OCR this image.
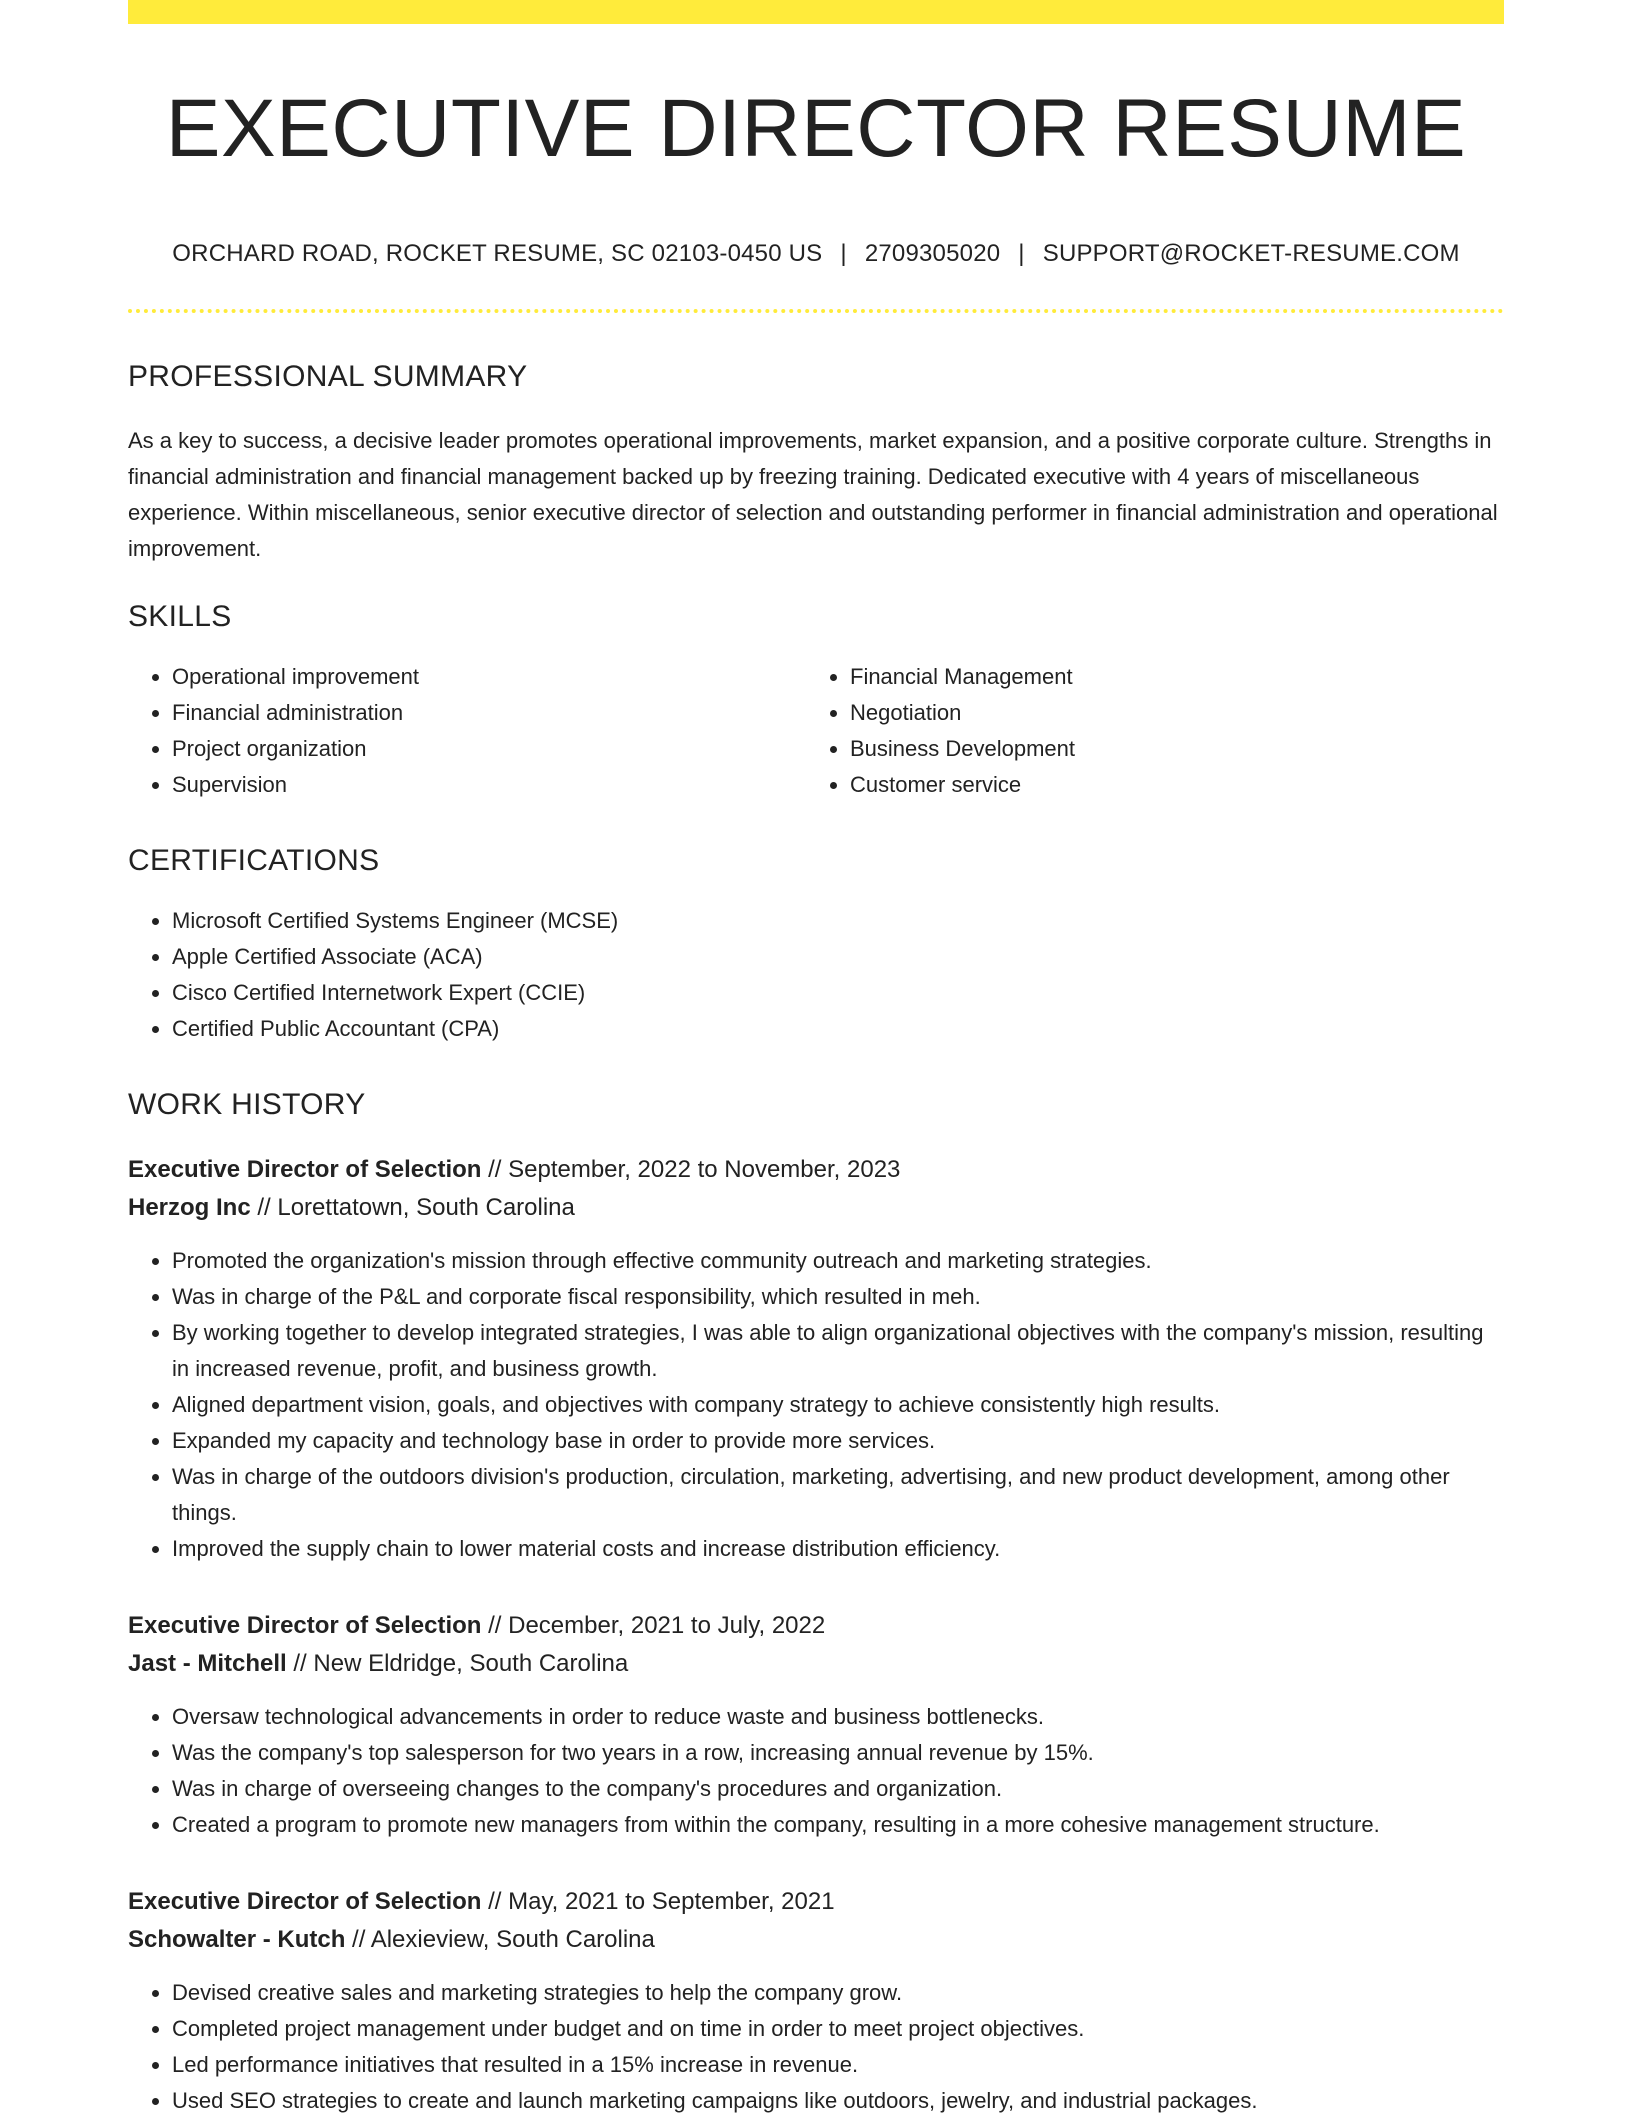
EXECUTIVE DIRECTOR RESUME
ORCHARD ROAD, ROCKET RESUME, SC 02103-0450 US | 2709305020 | SUPPORT@ROCKET-RESUME.COM
PROFESSIONAL SUMMARY

As a key to success, a decisive leader promotes operational improvements, market expansion, and a positive corporate culture. Strengths in financial administration and financial management backed up by freezing training. Dedicated executive with 4 years of miscellaneous experience. Within miscellaneous, senior executive director of selection and outstanding performer in financial administration and operational improvement.

SKILLS
• Operational improvement
• Financial administration
• Project organization
• Supervision
• Financial Management
• Negotiation
• Business Development
• Customer service
CERTIFICATIONS
• Microsoft Certified Systems Engineer (MCSE)
• Apple Certified Associate (ACA)
• Cisco Certified Internetwork Expert (CCIE)
• Certified Public Accountant (CPA)
WORK HISTORY
Executive Director of Selection // September, 2022 to November, 2023
Herzog Inc // Lorettatown, South Carolina
• Promoted the organization's mission through effective community outreach and marketing strategies.
• Was in charge of the P&L and corporate fiscal responsibility, which resulted in meh.
• By working together to develop integrated strategies, I was able to align organizational objectives with the company's mission, resulting in increased revenue, profit, and business growth.
• Aligned department vision, goals, and objectives with company strategy to achieve consistently high results.
• Expanded my capacity and technology base in order to provide more services.
• Was in charge of the outdoors division's production, circulation, marketing, advertising, and new product development, among other things.
• Improved the supply chain to lower material costs and increase distribution efficiency.
Executive Director of Selection // December, 2021 to July, 2022
Jast - Mitchell // New Eldridge, South Carolina
• Oversaw technological advancements in order to reduce waste and business bottlenecks.
• Was the company's top salesperson for two years in a row, increasing annual revenue by 15%.
• Was in charge of overseeing changes to the company's procedures and organization.
• Created a program to promote new managers from within the company, resulting in a more cohesive management structure.
Executive Director of Selection // May, 2021 to September, 2021
Schowalter - Kutch // Alexieview, South Carolina
• Devised creative sales and marketing strategies to help the company grow.
• Completed project management under budget and on time in order to meet project objectives.
• Led performance initiatives that resulted in a 15% increase in revenue.
• Used SEO strategies to create and launch marketing campaigns like outdoors, jewelry, and industrial packages.
